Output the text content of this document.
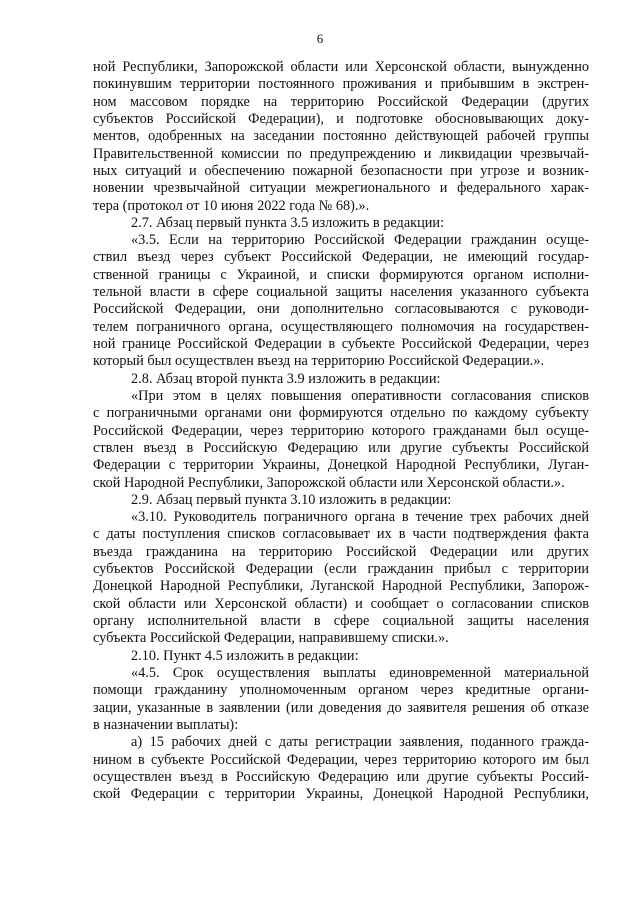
6
ной Республики, Запорожской области или Херсонской области, вынужденно
покинувшим территории постоянного проживания и прибывшим в экстрен-
ном массовом порядке на территорию Российской Федерации (других
субъектов Российской Федерации), и подготовке обосновывающих доку-
ментов, одобренных на заседании постоянно действующей рабочей группы
Правительственной комиссии по предупреждению и ликвидации чрезвычай-
ных ситуаций и обеспечению пожарной безопасности при угрозе и возник-
новении чрезвычайной ситуации межрегионального и федерального харак-
тера (протокол от 10 июня 2022 года № 68).».
2.7. Абзац первый пункта 3.5 изложить в редакции:
«3.5. Если на территорию Российской Федерации гражданин осуще-
ствил въезд через субъект Российской Федерации, не имеющий государ-
ственной границы с Украиной, и списки формируются органом исполни-
тельной власти в сфере социальной защиты населения указанного субъекта
Российской Федерации, они дополнительно согласовываются с руководи-
телем пограничного органа, осуществляющего полномочия на государствен-
ной границе Российской Федерации в субъекте Российской Федерации, через
который был осуществлен въезд на территорию Российской Федерации.».
2.8. Абзац второй пункта 3.9 изложить в редакции:
«При этом в целях повышения оперативности согласования списков
с пограничными органами они формируются отдельно по каждому субъекту
Российской Федерации, через территорию которого гражданами был осуще-
ствлен въезд в Российскую Федерацию или другие субъекты Российской
Федерации с территории Украины, Донецкой Народной Республики, Луган-
ской Народной Республики, Запорожской области или Херсонской области.».
2.9. Абзац первый пункта 3.10 изложить в редакции:
«3.10. Руководитель пограничного органа в течение трех рабочих дней
с даты поступления списков согласовывает их в части подтверждения факта
въезда гражданина на территорию Российской Федерации или других
субъектов Российской Федерации (если гражданин прибыл с территории
Донецкой Народной Республики, Луганской Народной Республики, Запорож-
ской области или Херсонской области) и сообщает о согласовании списков
органу исполнительной власти в сфере социальной защиты населения
субъекта Российской Федерации, направившему списки.».
2.10. Пункт 4.5 изложить в редакции:
«4.5. Срок осуществления выплаты единовременной материальной
помощи гражданину уполномоченным органом через кредитные органи-
зации, указанные в заявлении (или доведения до заявителя решения об отказе
в назначении выплаты):
а) 15 рабочих дней с даты регистрации заявления, поданного гражда-
нином в субъекте Российской Федерации, через территорию которого им был
осуществлен въезд в Российскую Федерацию или другие субъекты Россий-
ской Федерации с территории Украины, Донецкой Народной Республики,
